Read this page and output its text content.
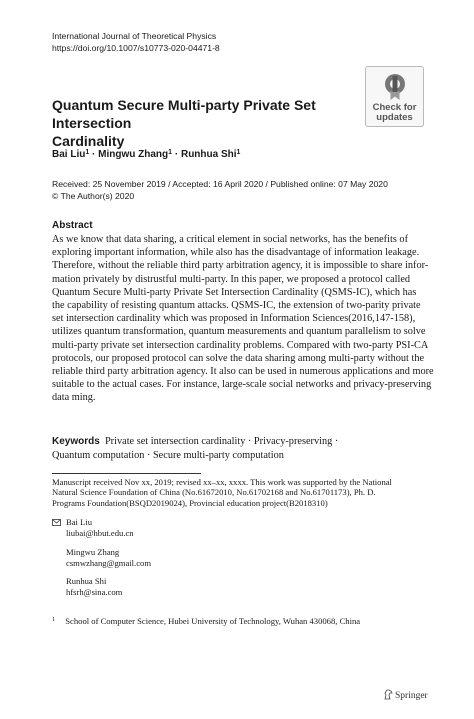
International Journal of Theoretical Physics
https://doi.org/10.1007/s10773-020-04471-8
Check for
updates
Quantum Secure Multi-party Private Set Intersection
Cardinality
Bai Liu$^1$ · Mingwu Zhang$^1$ · Runhua Shi$^1$
Received: 25 November 2019 / Accepted: 16 April 2020 / Published online: 07 May 2020
© The Author(s) 2020
Abstract
As we know that data sharing, a critical element in social networks, has the benefits of
exploring important information, while also has the disadvantage of information leakage.
Therefore, without the reliable third party arbitration agency, it is impossible to share infor-
mation privately by distrustful multi-party. In this paper, we proposed a protocol called
Quantum Secure Multi-party Private Set Intersection Cardinality (QSMS-IC), which has
the capability of resisting quantum attacks. QSMS-IC, the extension of two-parity private
set intersection cardinality which was proposed in Information Sciences(2016,147-158),
utilizes quantum transformation, quantum measurements and quantum parallelism to solve
multi-party private set intersection cardinality problems. Compared with two-party PSI-CA
protocols, our proposed protocol can solve the data sharing among multi-party without the
reliable third party arbitration agency. It also can be used in numerous applications and more
suitable to the actual cases. For instance, large-scale social networks and privacy-preserving
data ming.
Keywords Private set intersection cardinality · Privacy-preserving ·
Quantum computation · Secure multi-party computation
Manuscript received Nov xx, 2019; revised xx–xx, xxxx. This work was supported by the National
Natural Science Foundation of China (No.61672010, No.61702168 and No.61701173), Ph. D.
Programs Foundation(BSQD2019024), Provincial education project(B2018310)
Bai Liu
liubai@hbut.edu.cn
Mingwu Zhang
csmwzhang@gmail.com
Runhua Shi
hfsrh@sina.com
$^1$ School of Computer Science, Hubei University of Technology, Wuhan 430068, China
Springer
